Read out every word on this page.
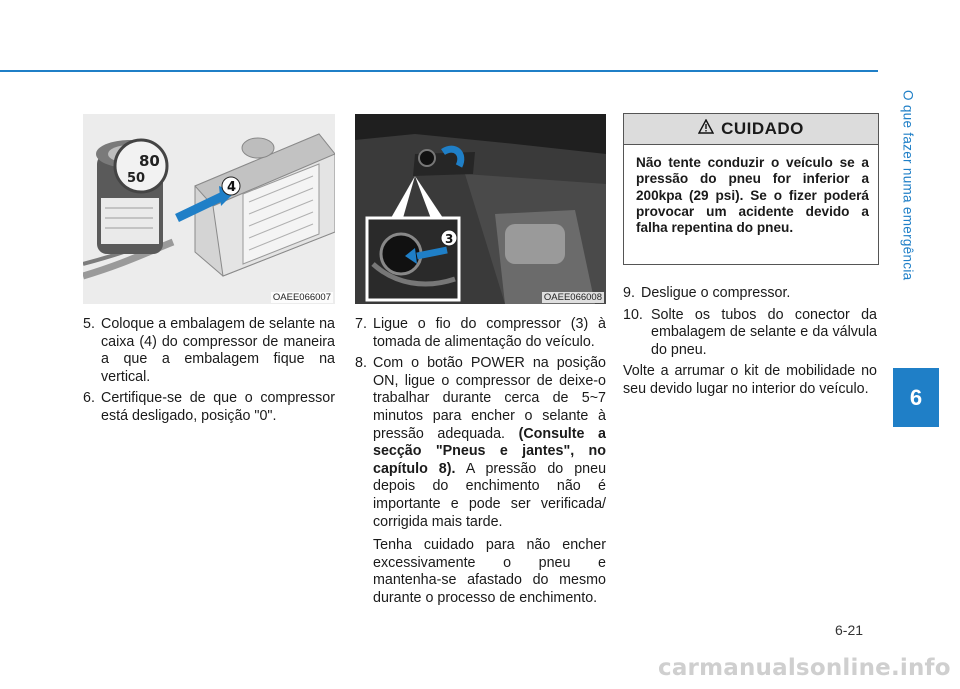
O que fazer numa emergência
6
80
50
4
OAEE066007
3
OAEE066008
5. Coloque a embalagem de selante na caixa (4) do compressor de maneira a que a embalagem fique na vertical.
6. Certifique-se de que o compressor está desligado, posição "0".
7. Ligue o fio do compressor (3) à tomada de alimentação do veículo.
8. Com o botão POWER na posição ON, ligue o compressor de deixe-o trabalhar durante cerca de 5~7 minutos para encher o selante à pressão adequada. (Consulte a secção "Pneus e jantes", no capítulo 8). A pressão do pneu depois do enchimento não é importante e pode ser verificada/ corrigida mais tarde.
Tenha cuidado para não encher excessivamente o pneu e mantenha-se afastado do mesmo durante o processo de enchimento.
CUIDADO
Não tente conduzir o veículo se a pressão do pneu for inferior a 200kpa (29 psi). Se o fizer poderá provocar um acidente devido a falha repentina do pneu.
9. Desligue o compressor.
10. Solte os tubos do conector da embalagem de selante e da válvula do pneu.
Volte a arrumar o kit de mobilidade no seu devido lugar no interior do veículo.
6-21
carmanualsonline.info
